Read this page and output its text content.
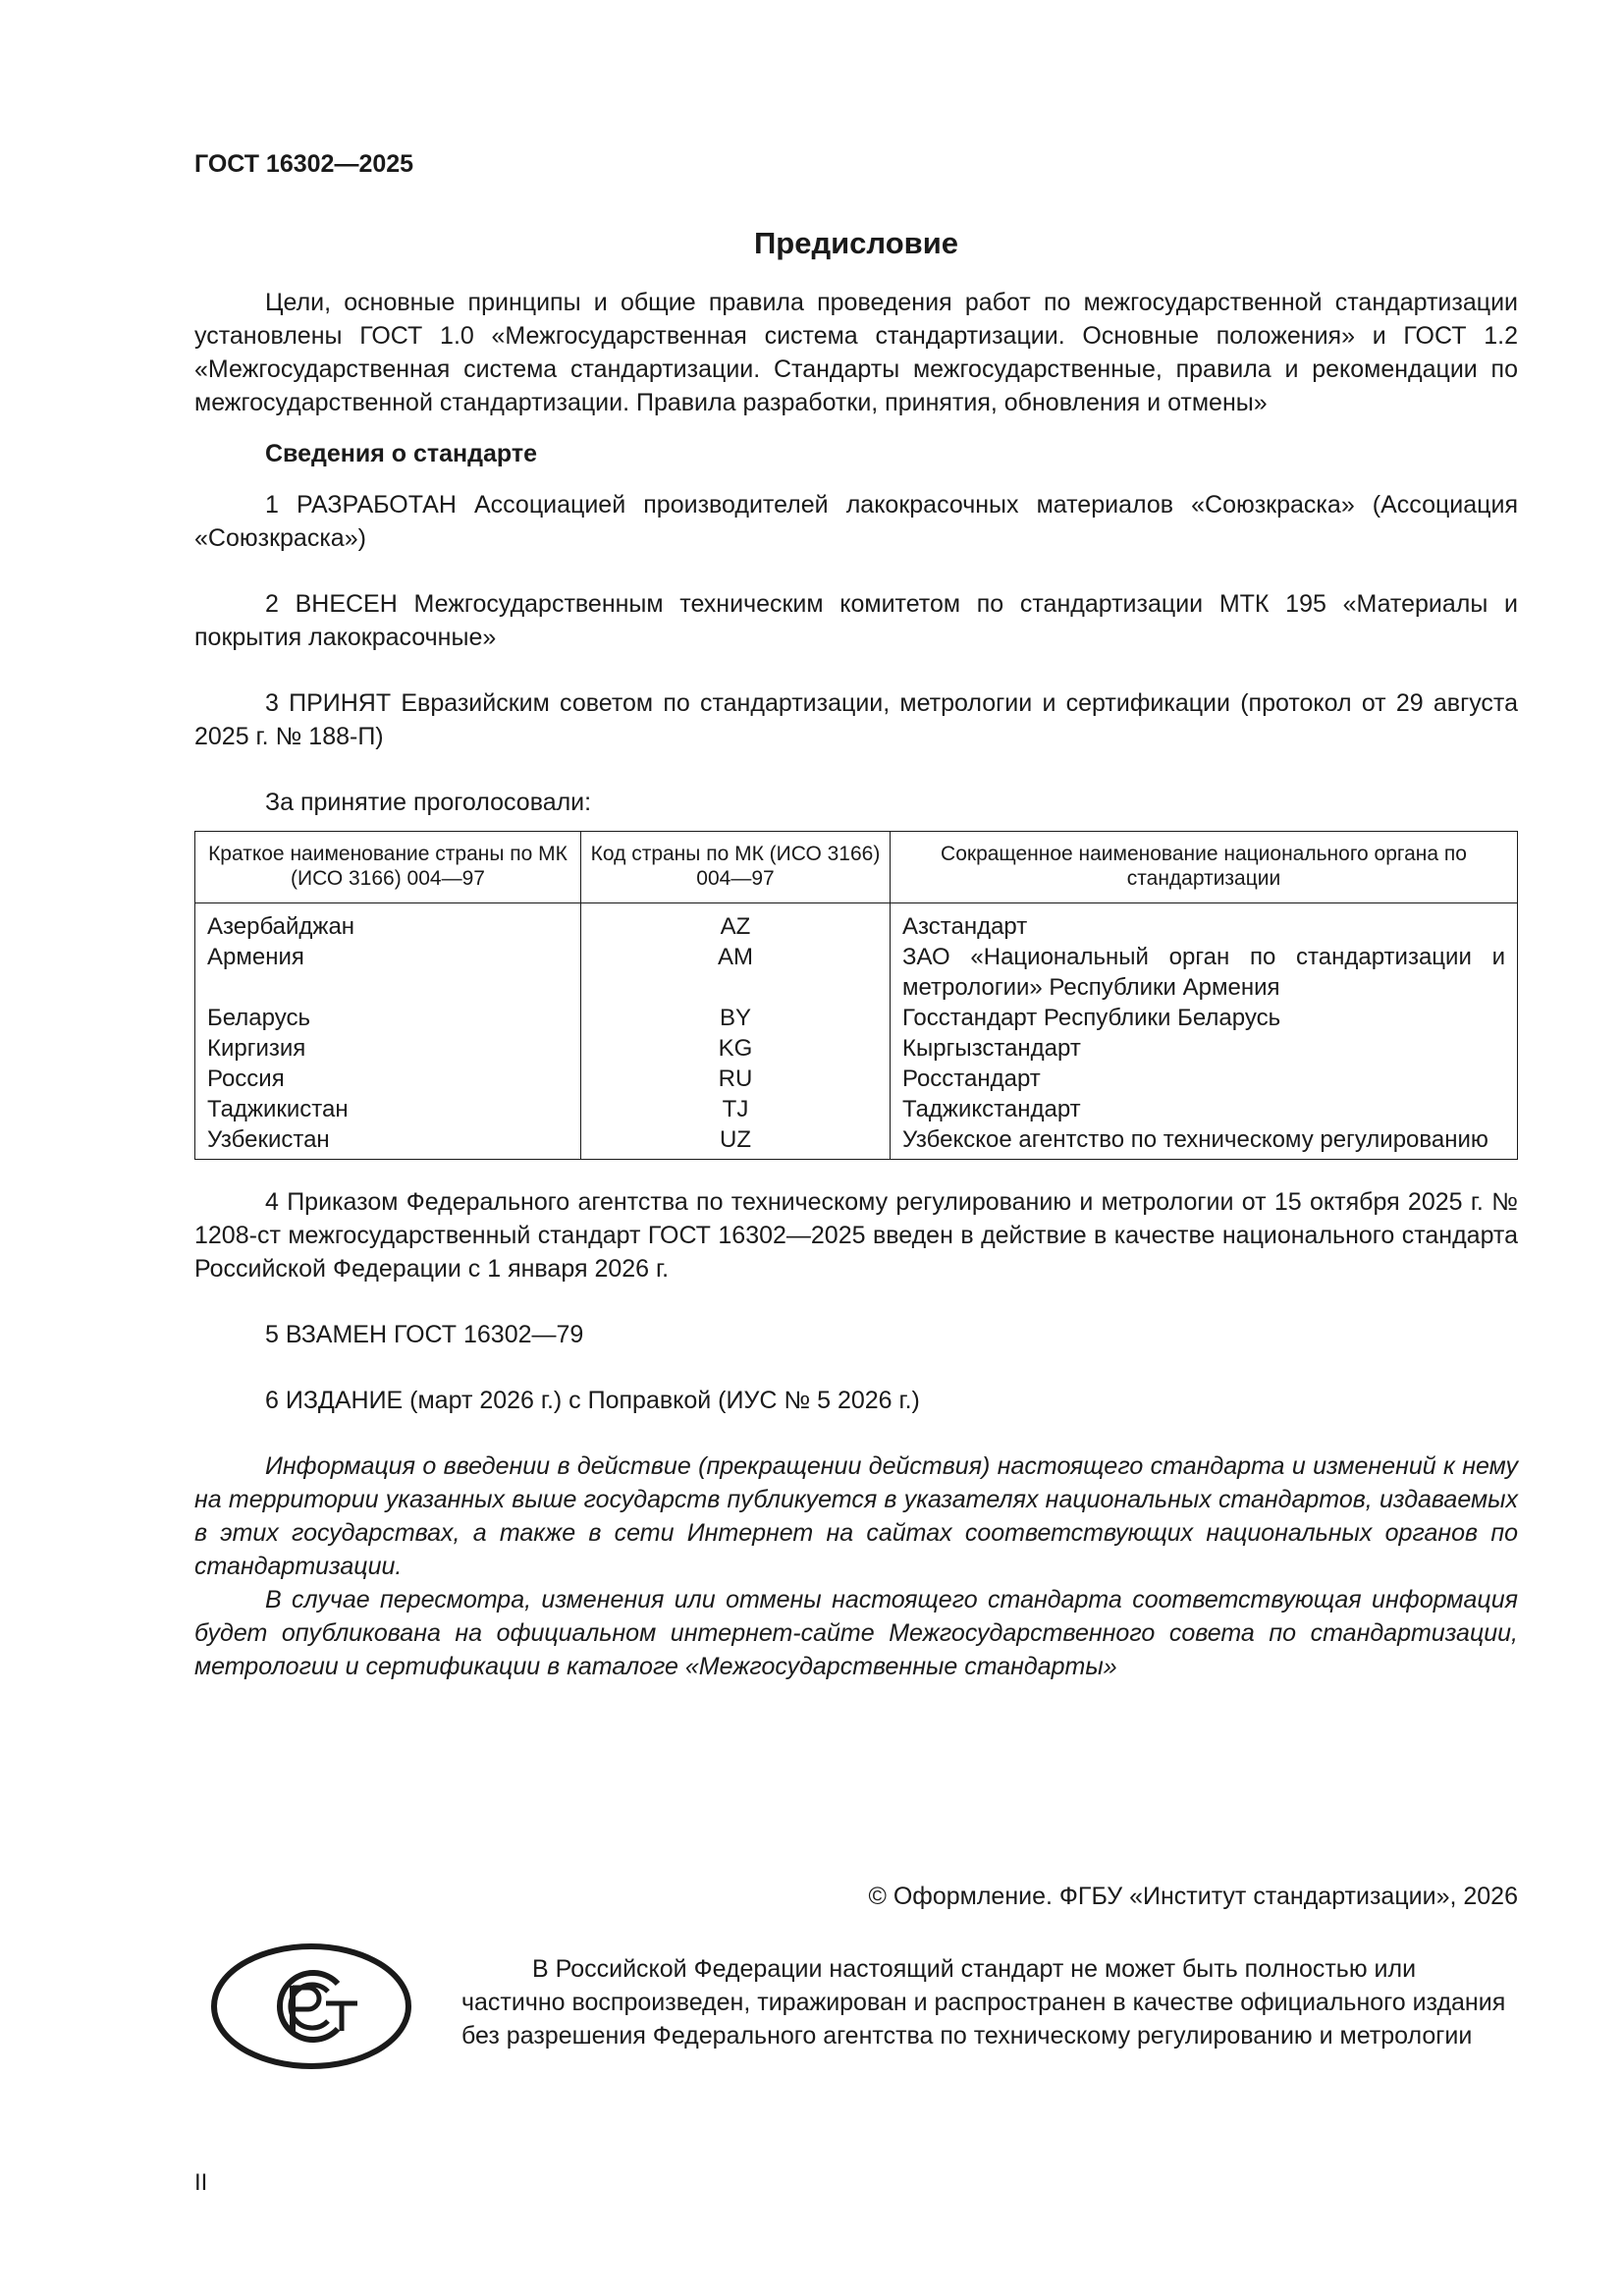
ГОСТ 16302—2025
Предисловие

Цели, основные принципы и общие правила проведения работ по межгосударственной стандартизации установлены ГОСТ 1.0 «Межгосударственная система стандартизации. Основные положения» и ГОСТ 1.2 «Межгосударственная система стандартизации. Стандарты межгосударственные, правила и рекомендации по межгосударственной стандартизации. Правила разработки, принятия, обновления и отмены»

Сведения о стандарте

1 РАЗРАБОТАН Ассоциацией производителей лакокрасочных материалов «Союзкраска» (Ассоциация «Союзкраска»)

2 ВНЕСЕН Межгосударственным техническим комитетом по стандартизации МТК 195 «Материалы и покрытия лакокрасочные»

3 ПРИНЯТ Евразийским советом по стандартизации, метрологии и сертификации (протокол от 29 августа 2025 г. № 188-П)

За принятие проголосовали:

Краткое наименование страны по МК (ИСО 3166) 004—97	Код страны по МК (ИСО 3166) 004—97	Сокращенное наименование национального органа по стандартизации
Азербайджан	AZ	Азстандарт
Армения	AM	ЗАО «Национальный орган по стандартизации и метрологии» Республики Армения
Беларусь	BY	Госстандарт Республики Беларусь
Киргизия	KG	Кыргызстандарт
Россия	RU	Росстандарт
Таджикистан	TJ	Таджикстандарт
Узбекистан	UZ	Узбекское агентство по техническому регулированию

4 Приказом Федерального агентства по техническому регулированию и метрологии от 15 октября 2025 г. № 1208-ст межгосударственный стандарт ГОСТ 16302—2025 введен в действие в качестве национального стандарта Российской Федерации с 1 января 2026 г.

5 ВЗАМЕН ГОСТ 16302—79

6 ИЗДАНИЕ (март 2026 г.) с Поправкой (ИУС № 5 2026 г.)

Информация о введении в действие (прекращении действия) настоящего стандарта и изменений к нему на территории указанных выше государств публикуется в указателях национальных стандартов, издаваемых в этих государствах, а также в сети Интернет на сайтах соответствующих национальных органов по стандартизации.

В случае пересмотра, изменения или отмены настоящего стандарта соответствующая информация будет опубликована на официальном интернет-сайте Межгосударственного совета по стандартизации, метрологии и сертификации в каталоге «Межгосударственные стандарты»

© Оформление. ФГБУ «Институт стандартизации», 2026

В Российской Федерации настоящий стандарт не может быть полностью или частично воспроизведен, тиражирован и распространен в качестве официального издания без разрешения Федерального агентства по техническому регулированию и метрологии

II
